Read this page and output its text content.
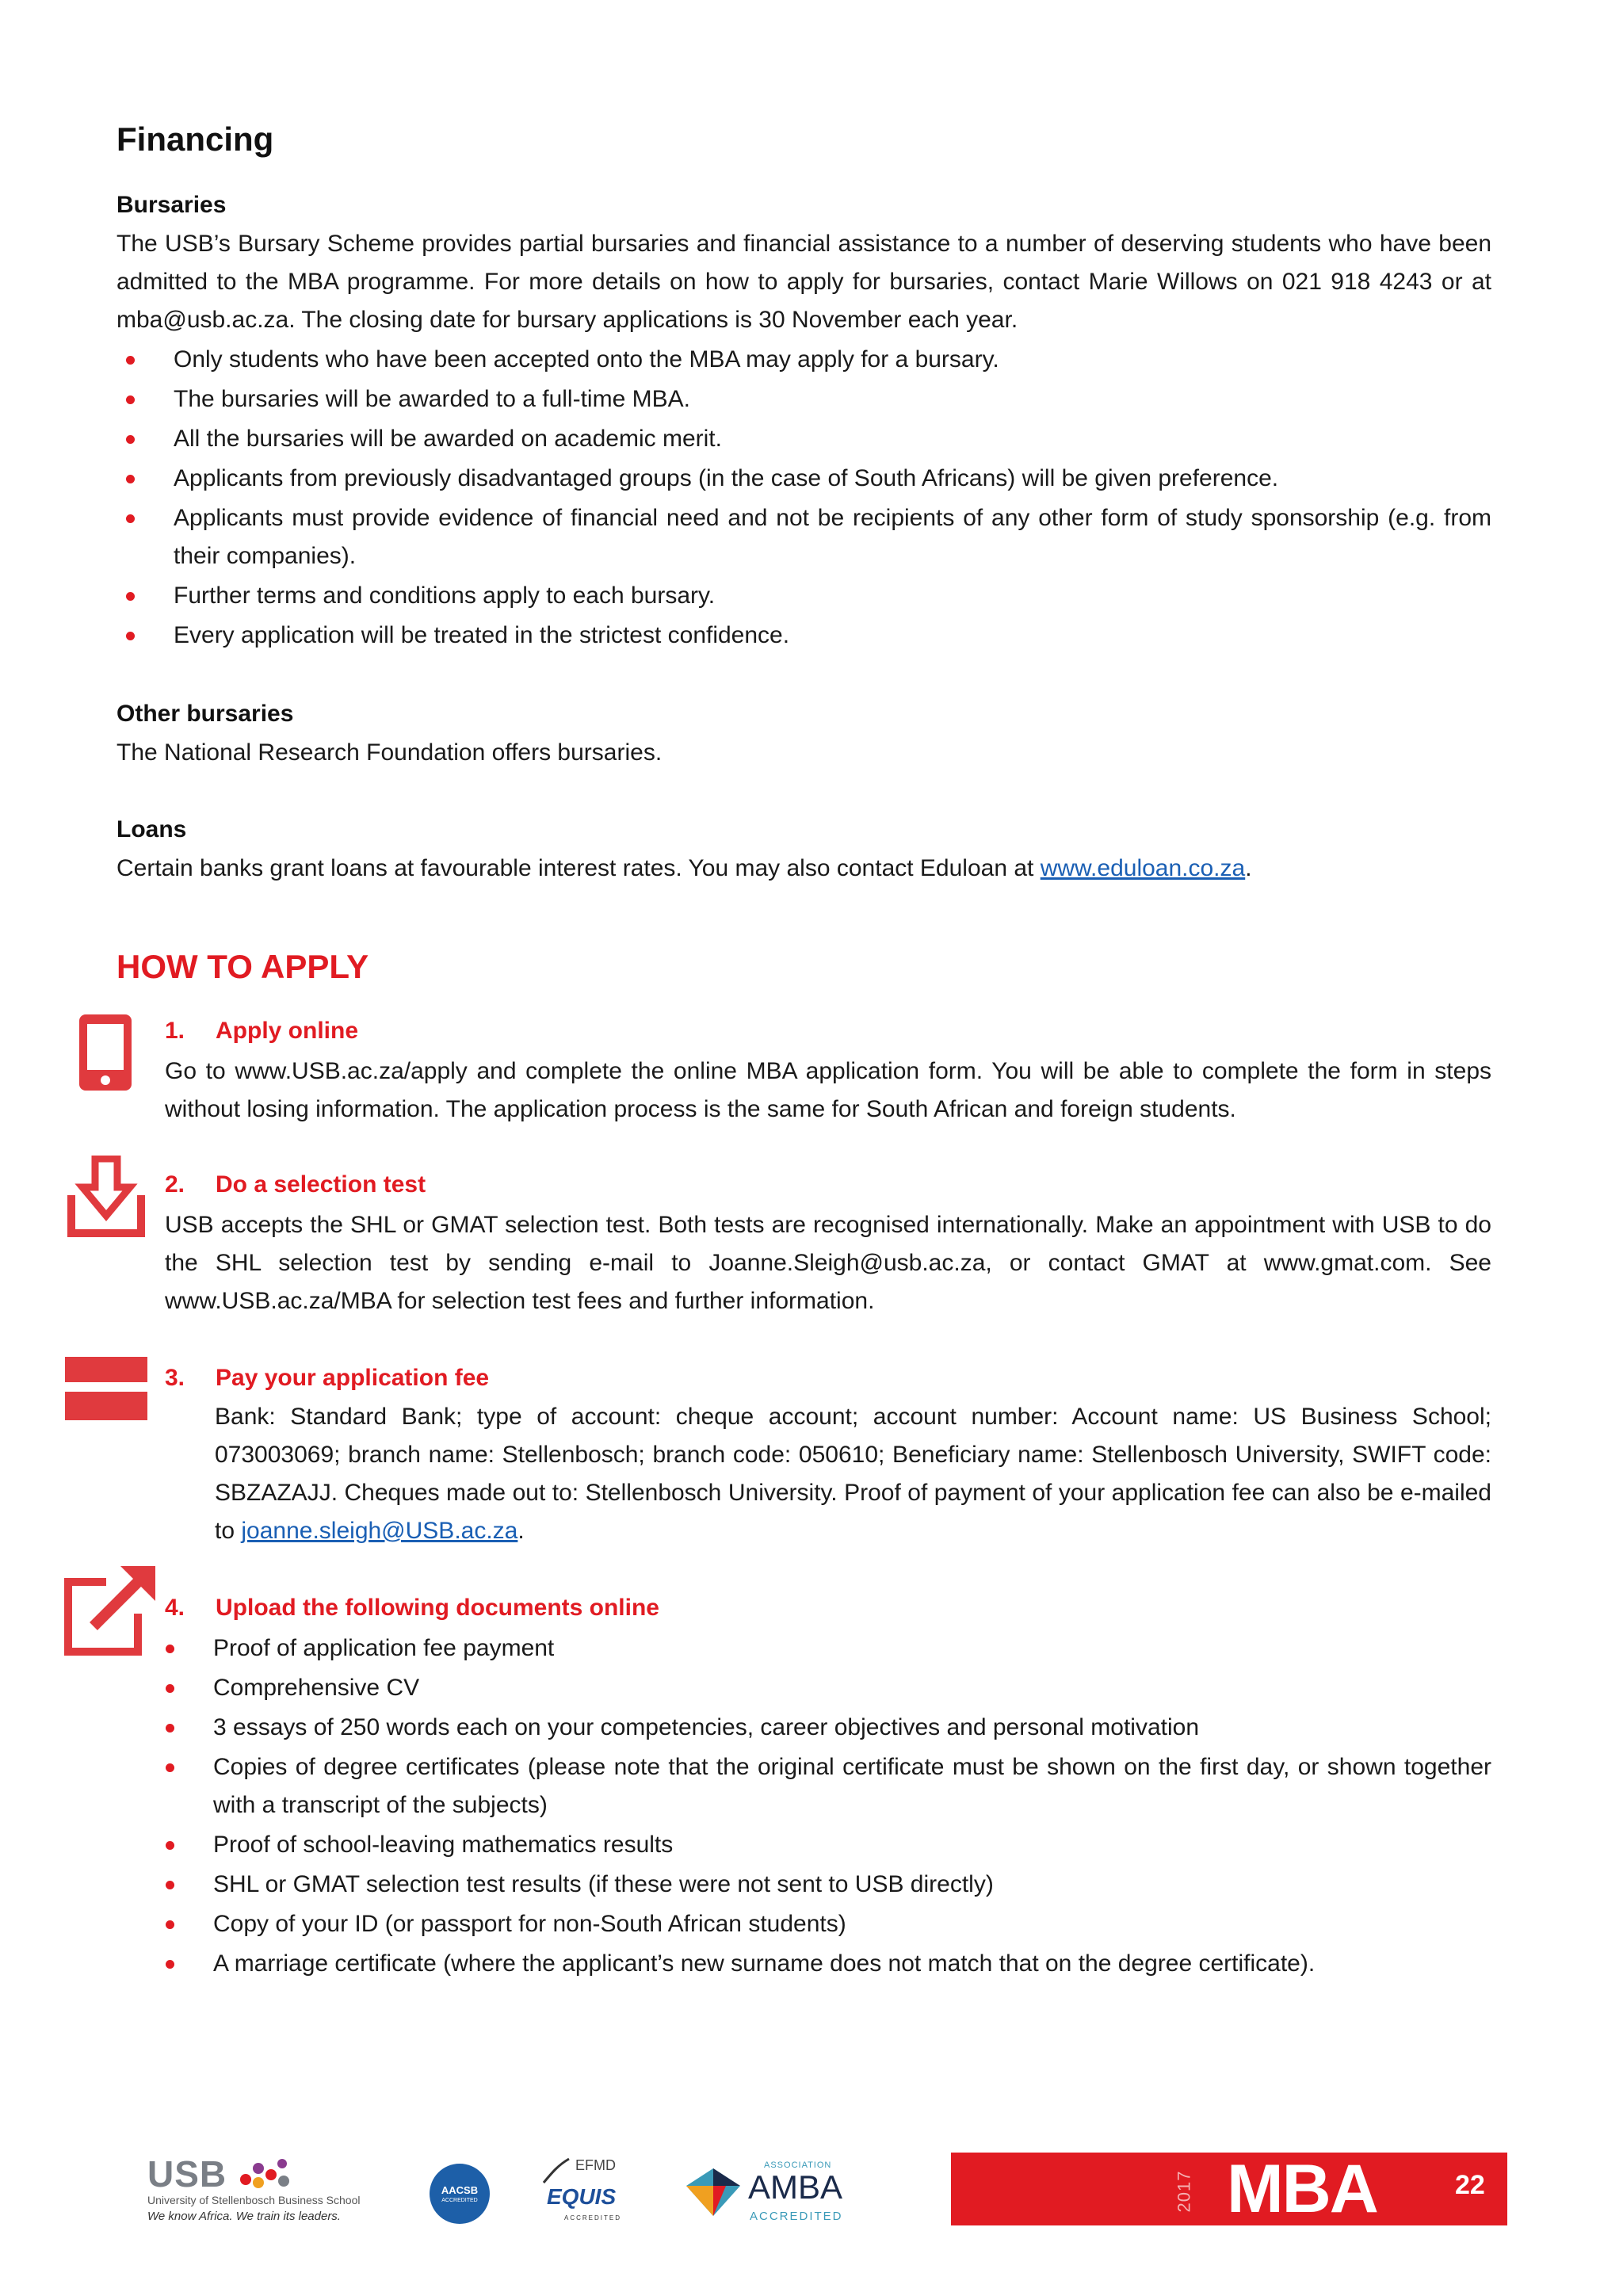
Financing
Bursaries
The USB’s Bursary Scheme provides partial bursaries and financial assistance to a number of deserving students who have been admitted to the MBA programme. For more details on how to apply for bursaries, contact Marie Willows on 021 918 4243 or at mba@usb.ac.za. The closing date for bursary applications is 30 November each year.
Only students who have been accepted onto the MBA may apply for a bursary.
The bursaries will be awarded to a full-time MBA.
All the bursaries will be awarded on academic merit.
Applicants from previously disadvantaged groups (in the case of South Africans) will be given preference.
Applicants must provide evidence of financial need and not be recipients of any other form of study sponsorship (e.g. from their companies).
Further terms and conditions apply to each bursary.
Every application will be treated in the strictest confidence.
Other bursaries
The National Research Foundation offers bursaries.
Loans
Certain banks grant loans at favourable interest rates. You may also contact Eduloan at www.eduloan.co.za.
HOW TO APPLY
1. Apply online
Go to www.USB.ac.za/apply and complete the online MBA application form. You will be able to complete the form in steps without losing information. The application process is the same for South African and foreign students.
2. Do a selection test
USB accepts the SHL or GMAT selection test. Both tests are recognised internationally. Make an appointment with USB to do the SHL selection test by sending e-mail to Joanne.Sleigh@usb.ac.za, or contact GMAT at www.gmat.com. See www.USB.ac.za/MBA for selection test fees and further information.
3. Pay your application fee
Bank: Standard Bank; type of account: cheque account; account number: Account name: US Business School; 073003069; branch name: Stellenbosch; branch code: 050610; Beneficiary name: Stellenbosch University, SWIFT code: SBZAZAJJ. Cheques made out to: Stellenbosch University. Proof of payment of your application fee can also be e-mailed to joanne.sleigh@USB.ac.za.
4. Upload the following documents online
Proof of application fee payment
Comprehensive CV
3 essays of 250 words each on your competencies, career objectives and personal motivation
Copies of degree certificates (please note that the original certificate must be shown on the first day, or shown together with a transcript of the subjects)
Proof of school-leaving mathematics results
SHL or GMAT selection test results (if these were not sent to USB directly)
Copy of your ID (or passport for non-South African students)
A marriage certificate (where the applicant’s new surname does not match that on the degree certificate).
USB
University of Stellenbosch Business School
We know Africa. We train its leaders.
AACSB
ACCREDITED
EFMD
EQUIS
ACCREDITED
ASSOCIATION
AMBA
ACCREDITED
2017 MBA	22
